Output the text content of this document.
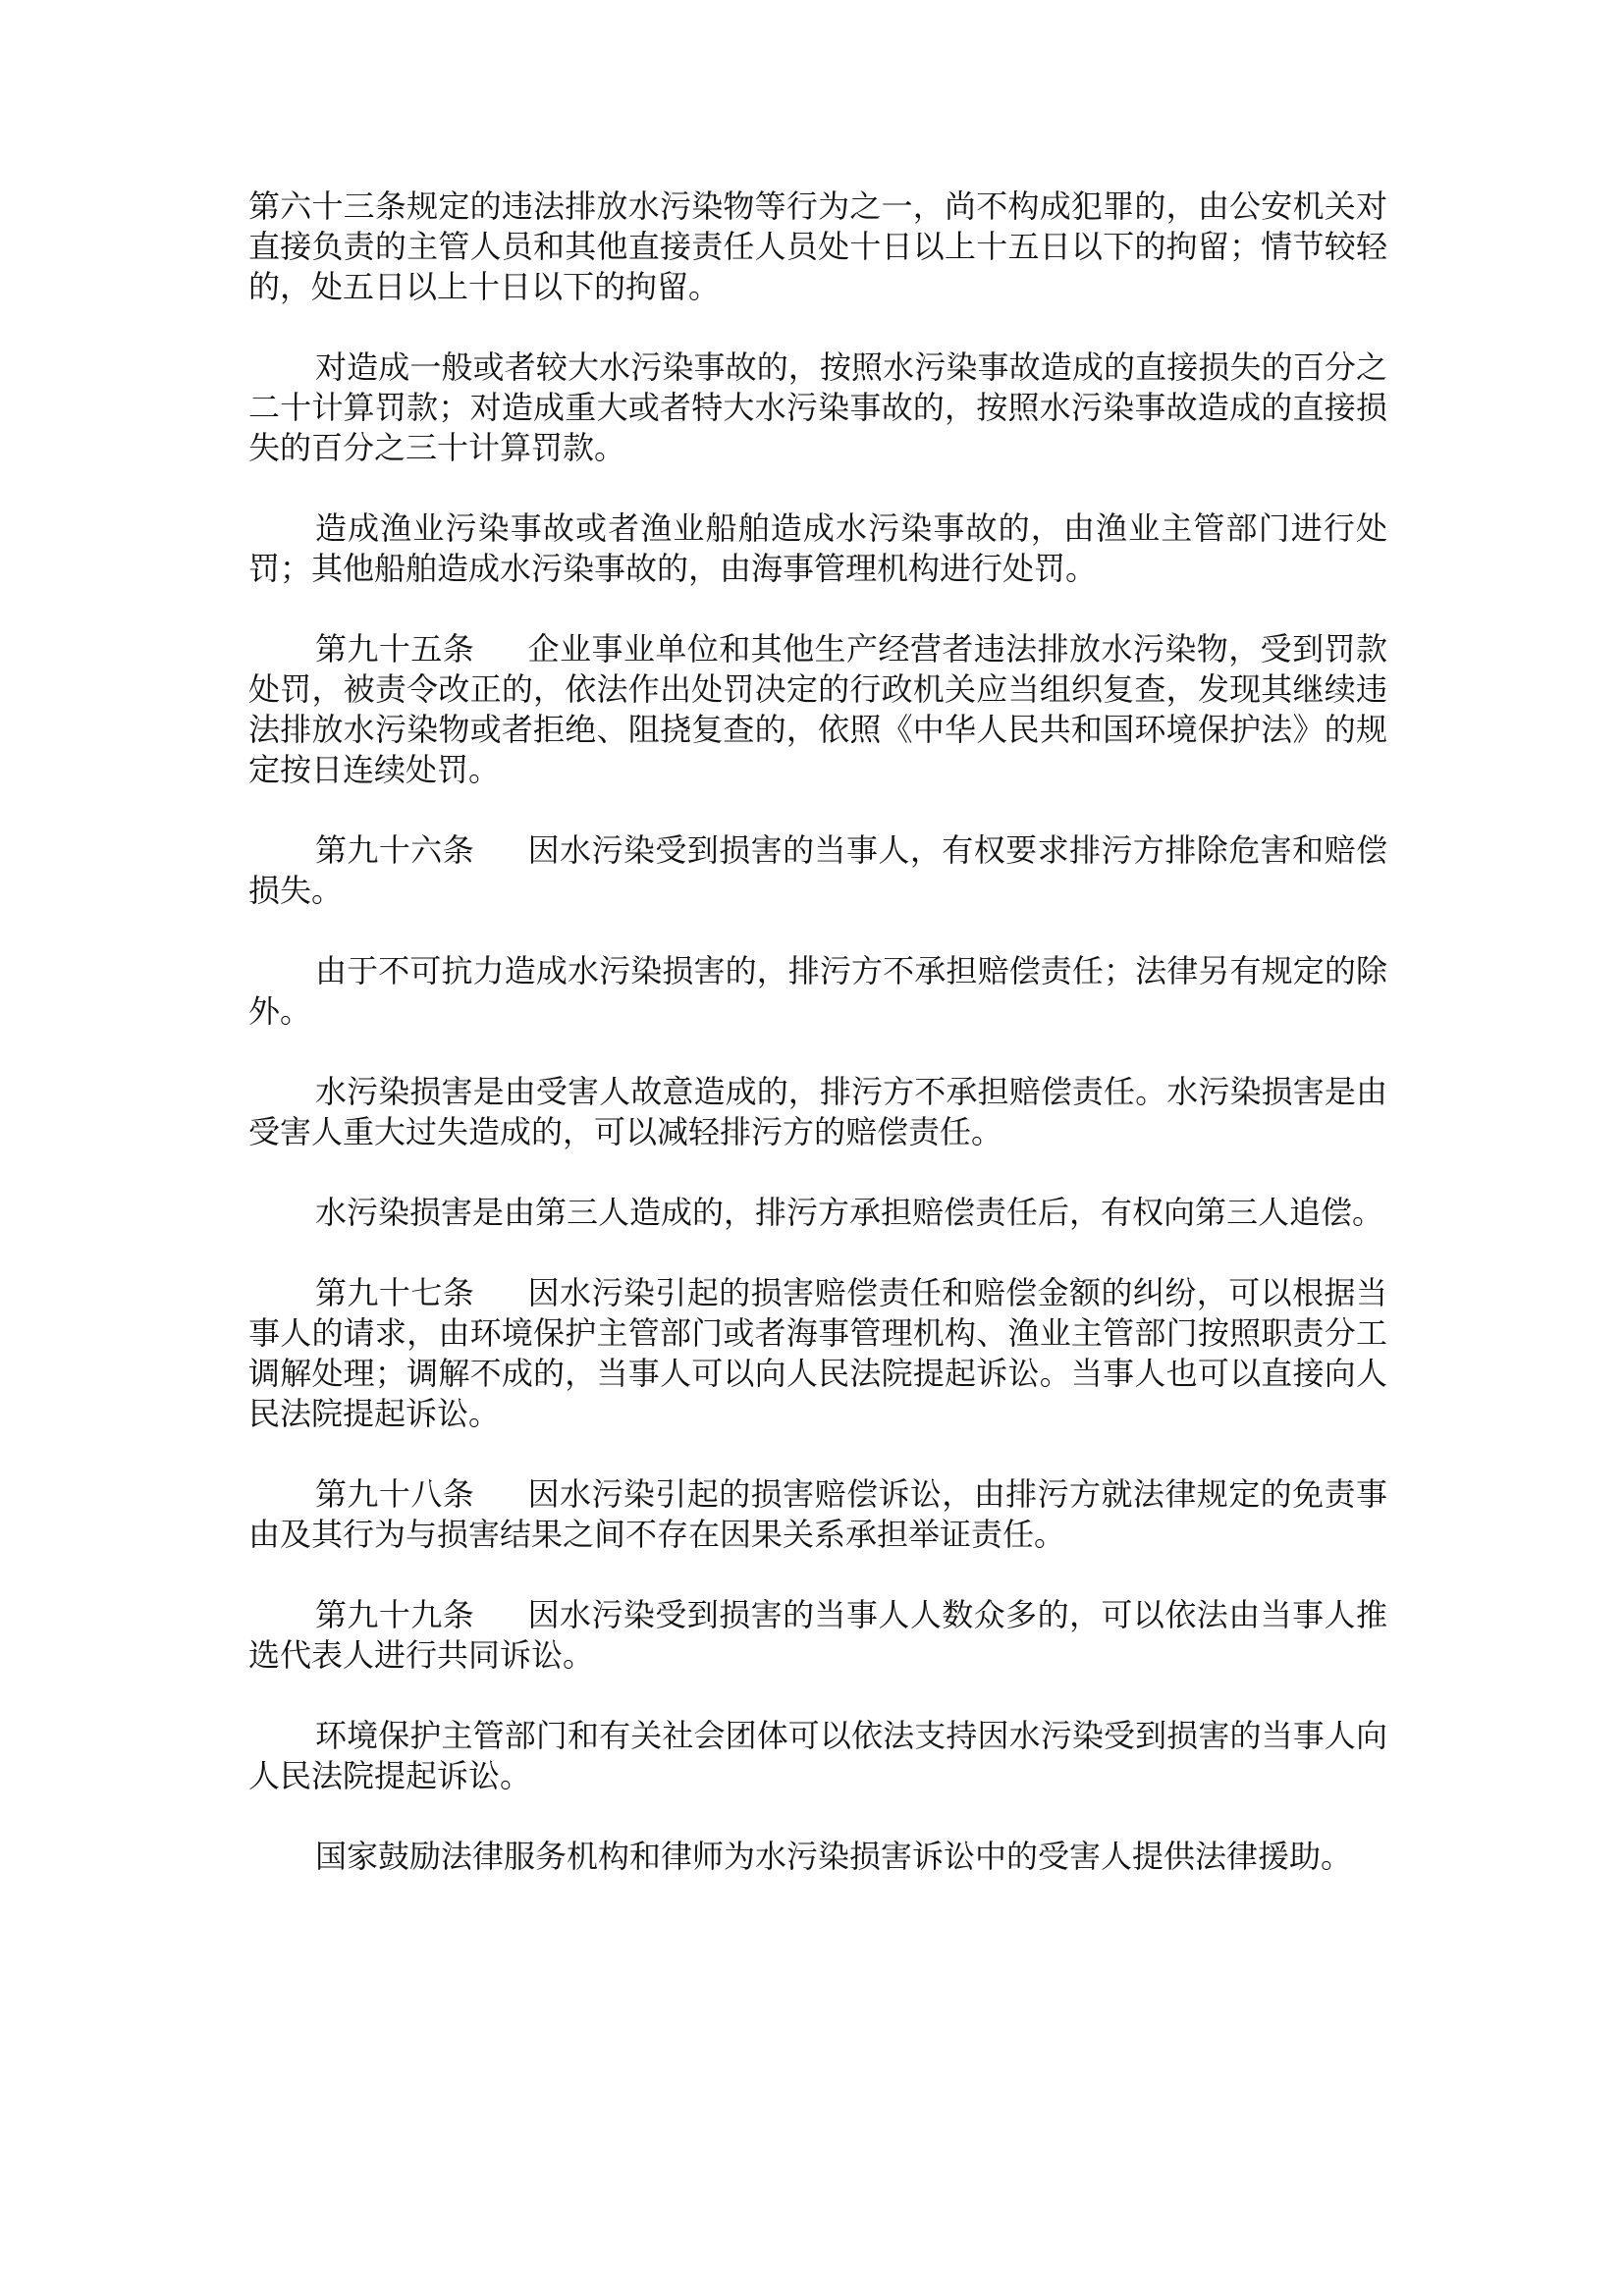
第六十三条规定的违法排放水污染物等行为之一，尚不构成犯罪的，由公安机关对直接负责的主管人员和其他直接责任人员处十日以上十五日以下的拘留；情节较轻的，处五日以上十日以下的拘留。

对造成一般或者较大水污染事故的，按照水污染事故造成的直接损失的百分之二十计算罚款；对造成重大或者特大水污染事故的，按照水污染事故造成的直接损失的百分之三十计算罚款。

造成渔业污染事故或者渔业船舶造成水污染事故的，由渔业主管部门进行处罚；其他船舶造成水污染事故的，由海事管理机构进行处罚。

第九十五条 企业事业单位和其他生产经营者违法排放水污染物，受到罚款处罚，被责令改正的，依法作出处罚决定的行政机关应当组织复查，发现其继续违法排放水污染物或者拒绝、阻挠复查的，依照《中华人民共和国环境保护法》的规定按日连续处罚。

第九十六条 因水污染受到损害的当事人，有权要求排污方排除危害和赔偿损失。

由于不可抗力造成水污染损害的，排污方不承担赔偿责任；法律另有规定的除外。

水污染损害是由受害人故意造成的，排污方不承担赔偿责任。水污染损害是由受害人重大过失造成的，可以减轻排污方的赔偿责任。

水污染损害是由第三人造成的，排污方承担赔偿责任后，有权向第三人追偿。

第九十七条 因水污染引起的损害赔偿责任和赔偿金额的纠纷，可以根据当事人的请求，由环境保护主管部门或者海事管理机构、渔业主管部门按照职责分工调解处理；调解不成的，当事人可以向人民法院提起诉讼。当事人也可以直接向人民法院提起诉讼。

第九十八条 因水污染引起的损害赔偿诉讼，由排污方就法律规定的免责事由及其行为与损害结果之间不存在因果关系承担举证责任。

第九十九条 因水污染受到损害的当事人人数众多的，可以依法由当事人推选代表人进行共同诉讼。

环境保护主管部门和有关社会团体可以依法支持因水污染受到损害的当事人向人民法院提起诉讼。

国家鼓励法律服务机构和律师为水污染损害诉讼中的受害人提供法律援助。
